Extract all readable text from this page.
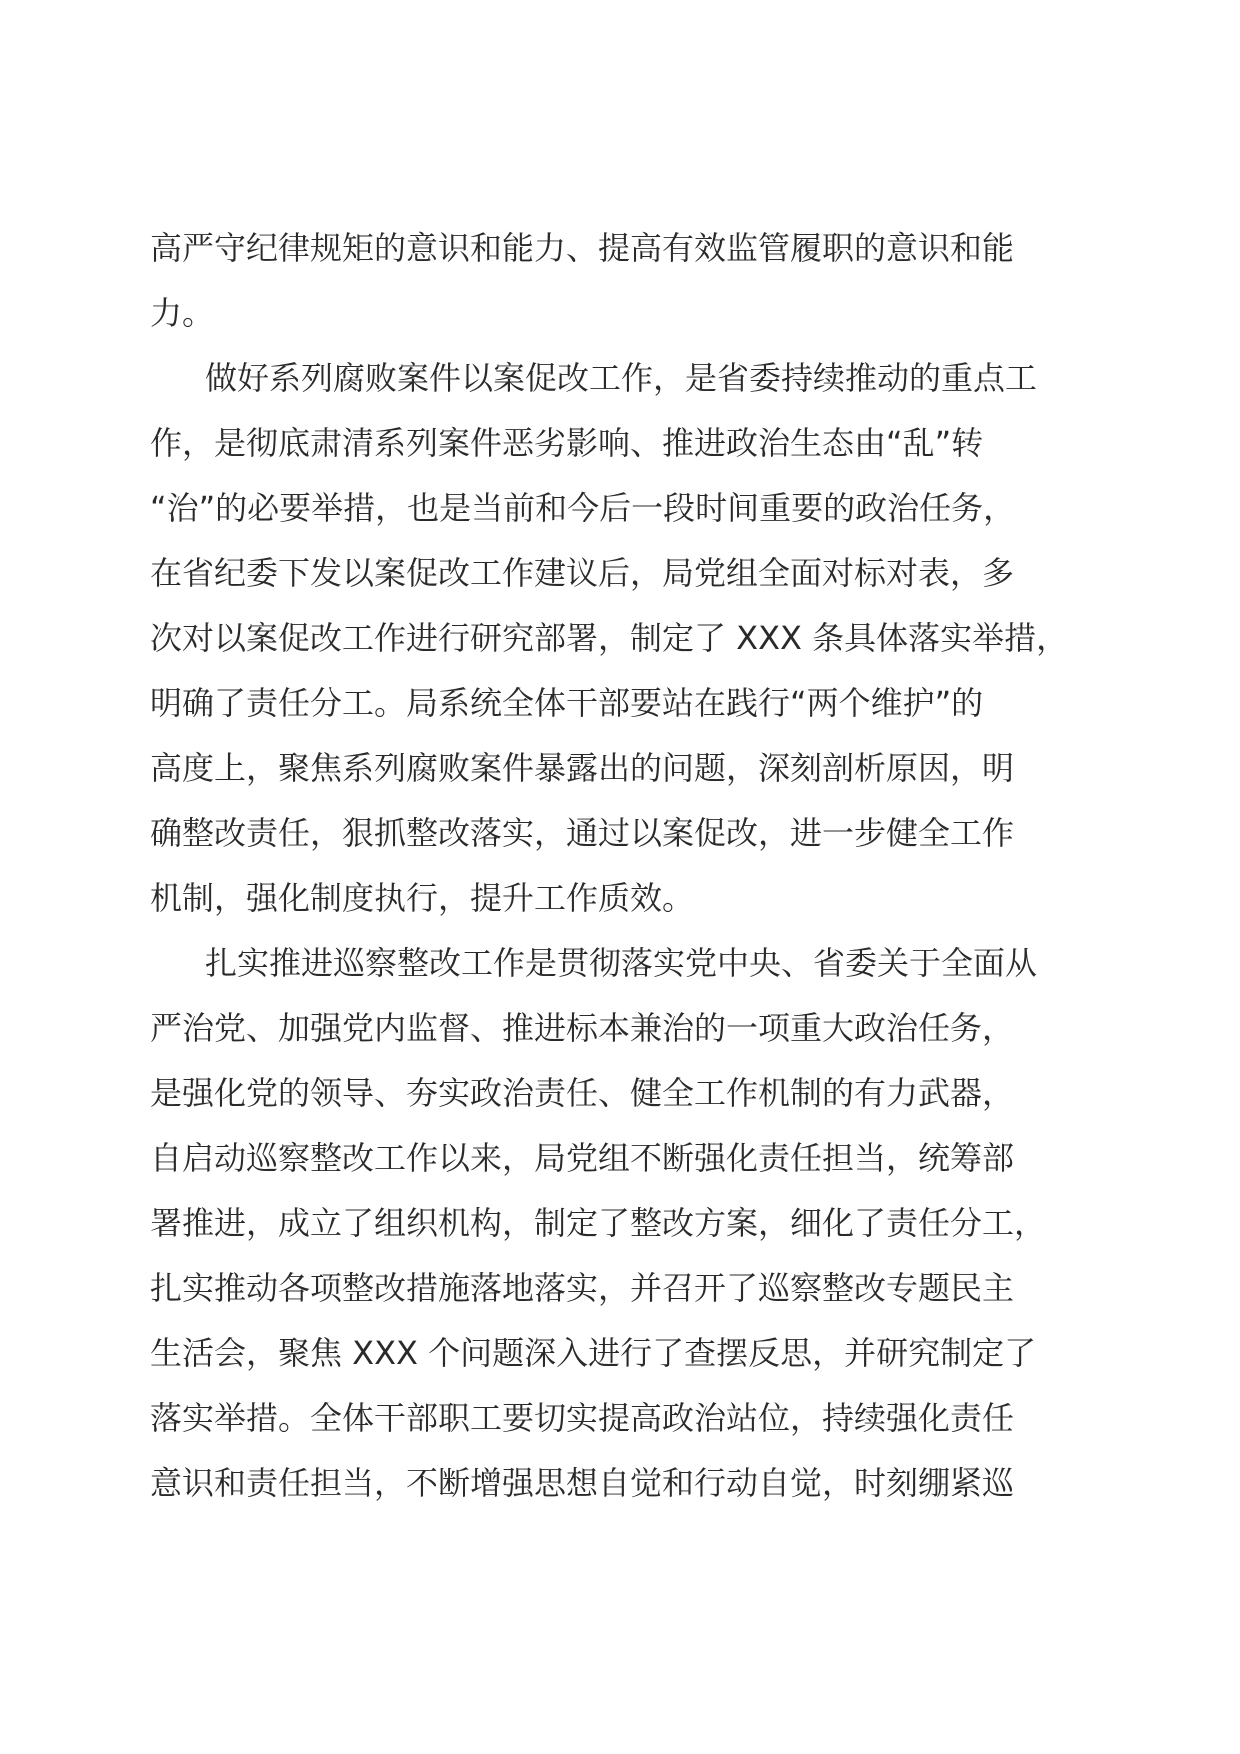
高严守纪律规矩的意识和能力、提高有效监管履职的意识和能
力。
做好系列腐败案件以案促改工作，是省委持续推动的重点工
作，是彻底肃清系列案件恶劣影响、推进政治生态由“乱”转
“治”的必要举措，也是当前和今后一段时间重要的政治任务，
在省纪委下发以案促改工作建议后，局党组全面对标对表，多
次对以案促改工作进行研究部署，制定了 XXX 条具体落实举措，
明确了责任分工。局系统全体干部要站在践行“两个维护”的
高度上，聚焦系列腐败案件暴露出的问题，深刻剖析原因，明
确整改责任，狠抓整改落实，通过以案促改，进一步健全工作
机制，强化制度执行，提升工作质效。
扎实推进巡察整改工作是贯彻落实党中央、省委关于全面从
严治党、加强党内监督、推进标本兼治的一项重大政治任务，
是强化党的领导、夯实政治责任、健全工作机制的有力武器，
自启动巡察整改工作以来，局党组不断强化责任担当，统筹部
署推进，成立了组织机构，制定了整改方案，细化了责任分工，
扎实推动各项整改措施落地落实，并召开了巡察整改专题民主
生活会，聚焦 XXX 个问题深入进行了查摆反思，并研究制定了
落实举措。全体干部职工要切实提高政治站位，持续强化责任
意识和责任担当，不断增强思想自觉和行动自觉，时刻绷紧巡
